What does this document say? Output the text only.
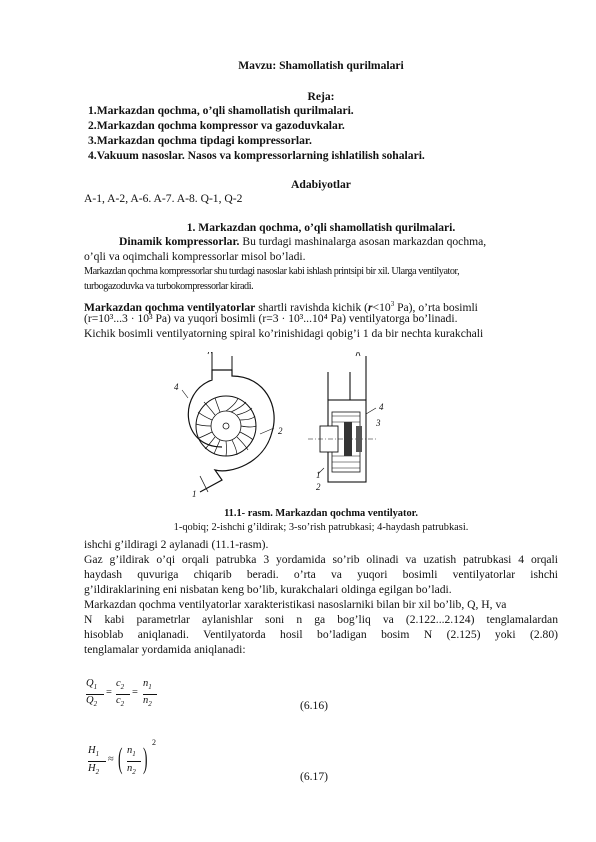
Mavzu: Shamollatish qurilmalari
Reja:
1.Markazdan qochma, o’qli shamollatish qurilmalari.
2.Markazdan qochma kompressor va gazoduvkalar.
3.Markazdan qochma tipdagi kompressorlar.
4.Vakuum nasoslar. Nasos va kompressorlarning ishlatilish sohalari.
Adabiyotlar
A-1, A-2, A-6. A-7. A-8. Q-1, Q-2
1. Markazdan qochma, o’qli shamollatish qurilmalari.
Dinamik kompressorlar. Bu turdagi mashinalarga asosan markazdan qochma,
o’qli va oqimchali kompressorlar misol bo’ladi.
Markazdan qochma kompressorlar shu turdagi nasoslar kabi ishlash printsipi bir xil. Ularga ventilyator,
turbogazoduvka va turbokompressorlar kiradi.
Markazdan qochma ventilyatorlar shartli ravishda kichik ($r<10^3$ Pa), o’rta bosimli
(r=10³...3 · 10³ Pa) va yuqori bosimli (r=3 · 10³...10⁴ Pa) ventilyatorga bo’linadi.
Kichik bosimli ventilyatorning spiral ko’rinishidagi qobig’i 1 da bir nechta kurakchali
4
2
1
4
3
1
2
11.1- rasm. Markazdan qochma ventilyator.
1-qobiq; 2-ishchi g’ildirak; 3-so’rish patrubkasi; 4-haydash patrubkasi.
ishchi g’ildiragi 2 aylanadi (11.1-rasm).
Gaz g’ildirak o’qi orqali patrubka 3 yordamida so’rib olinadi va uzatish patrubkasi 4 orqali
haydash quvuriga chiqarib beradi. o’rta va yuqori bosimli ventilyatorlar ishchi
g’ildiraklarining eni nisbatan keng bo’lib, kurakchalari oldinga egilgan bo’ladi.
Markazdan qochma ventilyatorlar xarakteristikasi nasoslarniki bilan bir xil bo’lib, Q, H, va
N kabi parametrlar aylanishlar soni n ga bog’liq va (2.122...2.124) tenglamalardan
hisoblab aniqlanadi. Ventilyatorda hosil bo’ladigan bosim N (2.125) yoki (2.80)
tenglamalar yordamida aniqlanadi:
$Q_1$
$Q_2$
=
$c_2$
$c_2$
=
$n_1$
$n_2$	(6.16)
$H_1$
$H_2$
≈ ( $n_1$
$n_2$ ) 2
(6.17)
